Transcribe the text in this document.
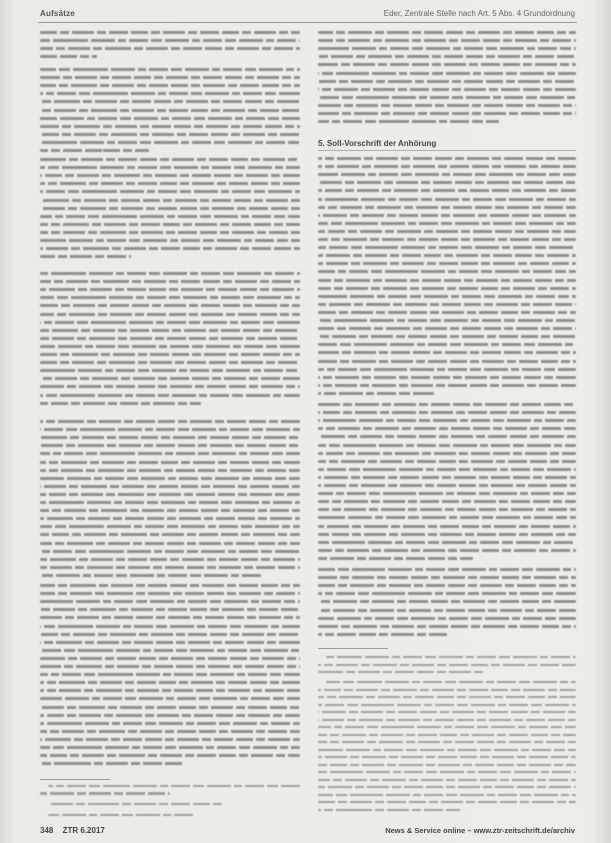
Aufsätze	Eder, Zentrale Stelle nach Art. 5 Abs. 4 Grundordnung
5. Soll-Vorschrift der Anhörung
348 ZTR 6.2017	News & Service online – www.ztr-zeitschrift.de/archiv
